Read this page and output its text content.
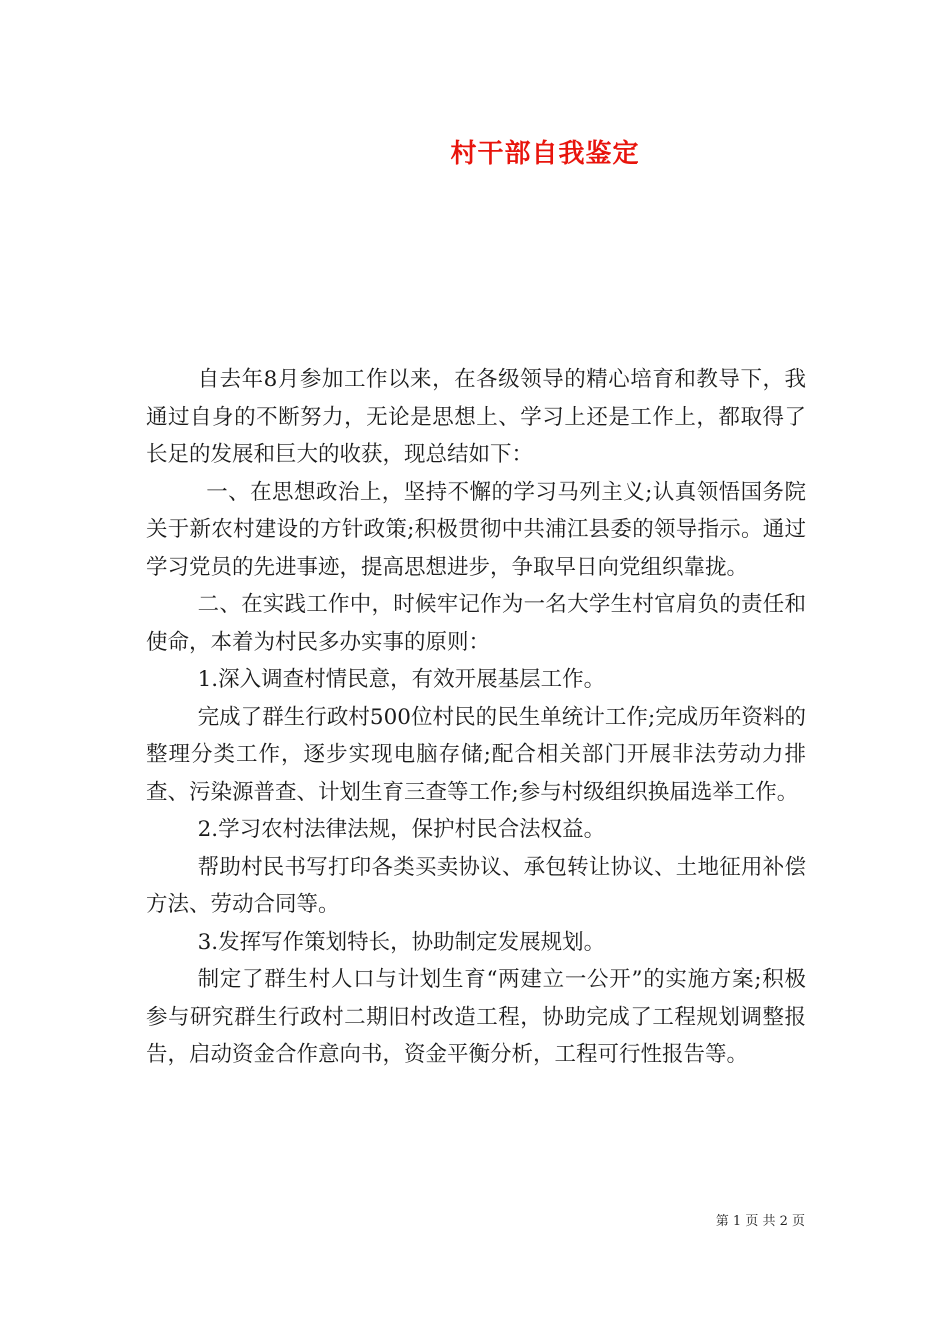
村干部自我鉴定

自去年8月参加工作以来，在各级领导的精心培育和教导下，我通过自身的不断努力，无论是思想上、学习上还是工作上，都取得了长足的发展和巨大的收获，现总结如下：

一、在思想政治上，坚持不懈的学习马列主义;认真领悟国务院关于新农村建设的方针政策;积极贯彻中共浦江县委的领导指示。通过学习党员的先进事迹，提高思想进步，争取早日向党组织靠拢。

二、在实践工作中，时候牢记作为一名大学生村官肩负的责任和使命，本着为村民多办实事的原则：

1.深入调查村情民意，有效开展基层工作。

完成了群生行政村500位村民的民生单统计工作;完成历年资料的整理分类工作，逐步实现电脑存储;配合相关部门开展非法劳动力排查、污染源普查、计划生育三查等工作;参与村级组织换届选举工作。

2.学习农村法律法规，保护村民合法权益。

帮助村民书写打印各类买卖协议、承包转让协议、土地征用补偿方法、劳动合同等。

3.发挥写作策划特长，协助制定发展规划。

制定了群生村人口与计划生育“两建立一公开”的实施方案;积极参与研究群生行政村二期旧村改造工程，协助完成了工程规划调整报告，启动资金合作意向书，资金平衡分析，工程可行性报告等。

第 1 页 共 2 页
